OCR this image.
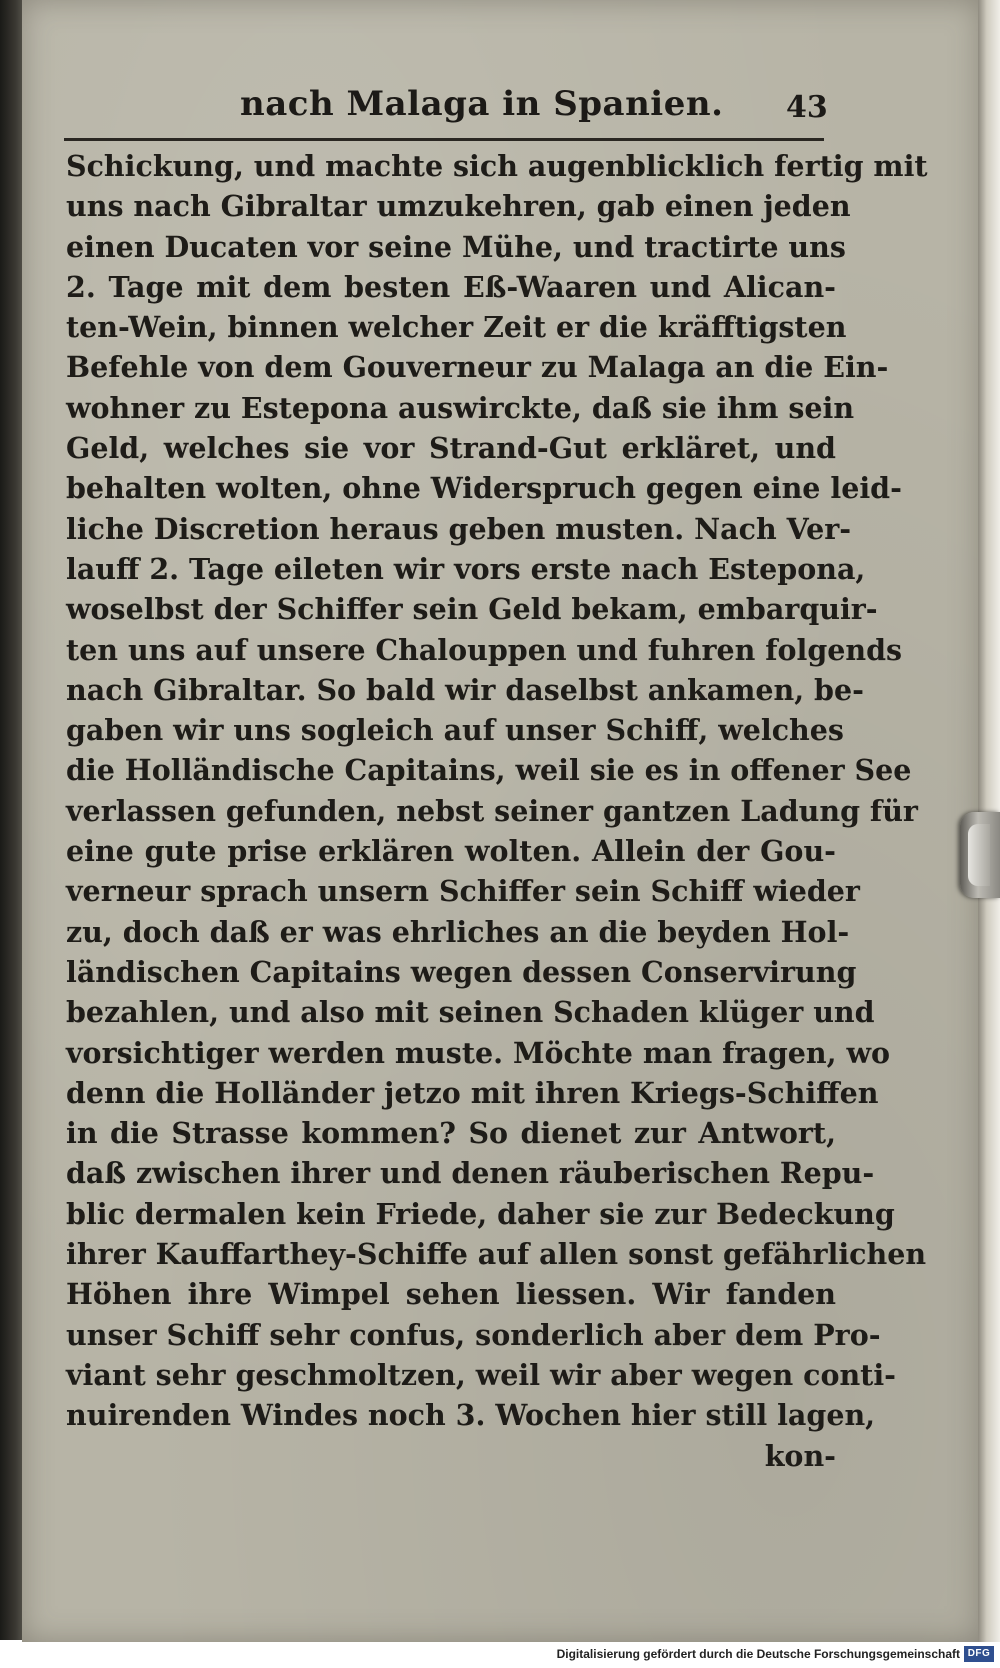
nach Malaga in Spanien. 43
Schickung, und machte sich augenblicklich fertig mit
uns nach Gibraltar umzukehren, gab einen jeden
einen Ducaten vor seine Mühe, und tractirte uns
2. Tage mit dem besten Eß-Waaren und Alican-
ten-Wein, binnen welcher Zeit er die kräfftigsten
Befehle von dem Gouverneur zu Malaga an die Ein-
wohner zu Estepona auswirckte, daß sie ihm sein
Geld, welches sie vor Strand-Gut erkläret, und
behalten wolten, ohne Widerspruch gegen eine leid-
liche Discretion heraus geben musten. Nach Ver-
lauff 2. Tage eileten wir vors erste nach Estepona,
woselbst der Schiffer sein Geld bekam, embarquir-
ten uns auf unsere Chalouppen und fuhren folgends
nach Gibraltar. So bald wir daselbst ankamen, be-
gaben wir uns sogleich auf unser Schiff, welches
die Holländische Capitains, weil sie es in offener See
verlassen gefunden, nebst seiner gantzen Ladung für
eine gute prise erklären wolten. Allein der Gou-
verneur sprach unsern Schiffer sein Schiff wieder
zu, doch daß er was ehrliches an die beyden Hol-
ländischen Capitains wegen dessen Conservirung
bezahlen, und also mit seinen Schaden klüger und
vorsichtiger werden muste. Möchte man fragen, wo
denn die Holländer jetzo mit ihren Kriegs-Schiffen
in die Strasse kommen? So dienet zur Antwort,
daß zwischen ihrer und denen räuberischen Repu-
blic dermalen kein Friede, daher sie zur Bedeckung
ihrer Kauffarthey-Schiffe auf allen sonst gefährlichen
Höhen ihre Wimpel sehen liessen. Wir fanden
unser Schiff sehr confus, sonderlich aber dem Pro-
viant sehr geschmoltzen, weil wir aber wegen conti-
nuirenden Windes noch 3. Wochen hier still lagen,
kon-
Digitalisierung gefördert durch die Deutsche Forschungsgemeinschaft DFG
